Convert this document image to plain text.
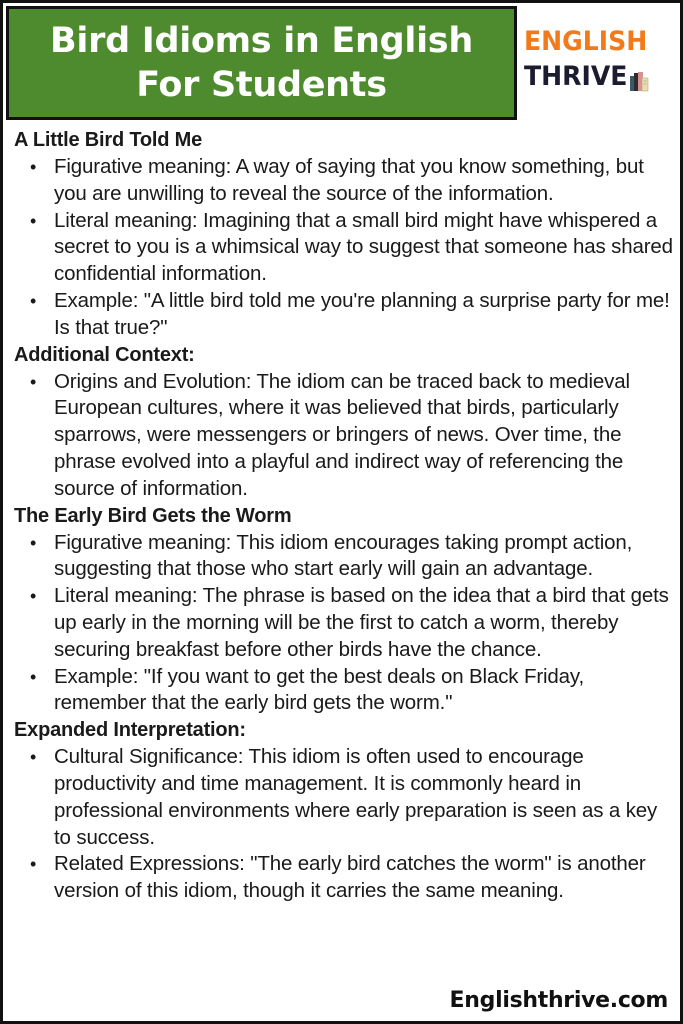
Bird Idioms in English
For Students
ENGLISH
THRIVE
A Little Bird Told Me
• Figurative meaning: A way of saying that you know something, but you are unwilling to reveal the source of the information.
• Literal meaning: Imagining that a small bird might have whispered a secret to you is a whimsical way to suggest that someone has shared confidential information.
• Example: "A little bird told me you're planning a surprise party for me! Is that true?"
Additional Context:
• Origins and Evolution: The idiom can be traced back to medieval European cultures, where it was believed that birds, particularly sparrows, were messengers or bringers of news. Over time, the phrase evolved into a playful and indirect way of referencing the source of information.
The Early Bird Gets the Worm
• Figurative meaning: This idiom encourages taking prompt action, suggesting that those who start early will gain an advantage.
• Literal meaning: The phrase is based on the idea that a bird that gets up early in the morning will be the first to catch a worm, thereby securing breakfast before other birds have the chance.
• Example: "If you want to get the best deals on Black Friday, remember that the early bird gets the worm."
Expanded Interpretation:
• Cultural Significance: This idiom is often used to encourage productivity and time management. It is commonly heard in professional environments where early preparation is seen as a key to success.
• Related Expressions: "The early bird catches the worm" is another version of this idiom, though it carries the same meaning.
Englishthrive.com
